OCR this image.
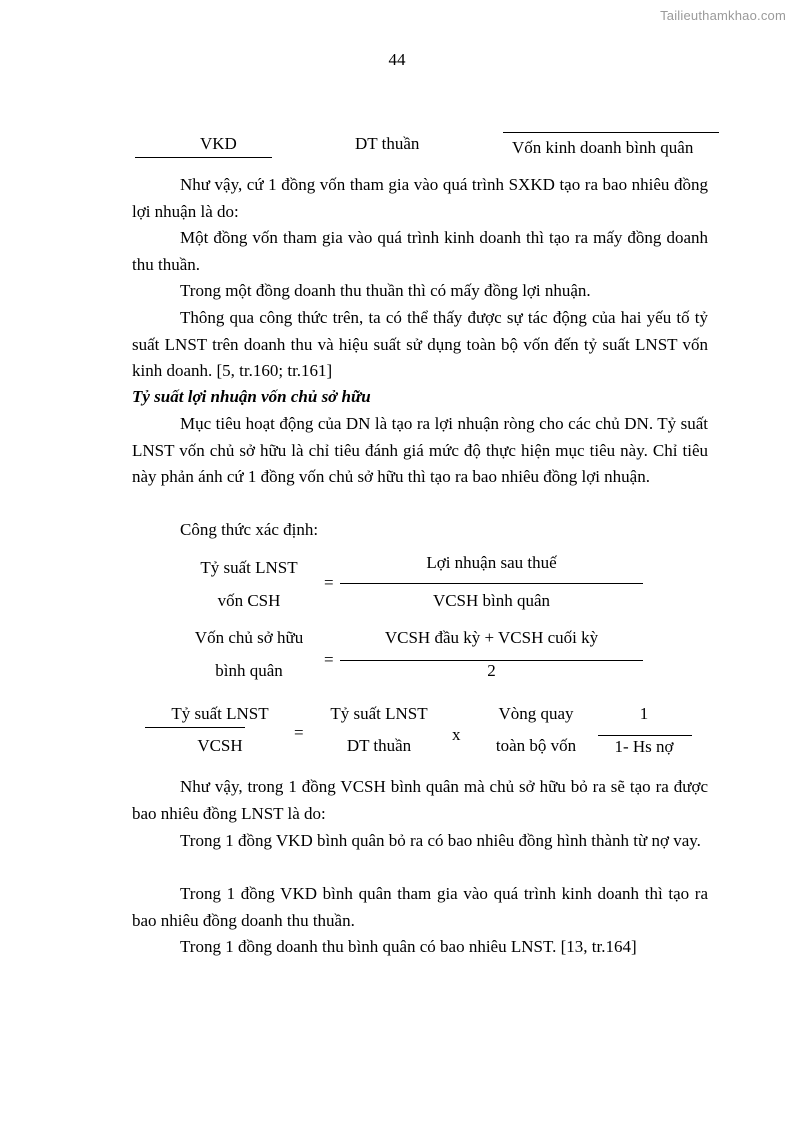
Tailieuthamkhao.com
44
VKD	DT thuần	Vốn kinh doanh bình quân
Như vậy, cứ 1 đồng vốn tham gia vào quá trình SXKD tạo ra bao nhiêu đồng lợi nhuận là do:
Một đồng vốn tham gia vào quá trình kinh doanh thì tạo ra mấy đồng doanh thu thuần.
Trong một đồng doanh thu thuần thì có mấy đồng lợi nhuận.
Thông qua công thức trên, ta có thể thấy được sự tác động của hai yếu tố tỷ suất LNST trên doanh thu và hiệu suất sử dụng toàn bộ vốn đến tỷ suất LNST vốn kinh doanh. [5, tr.160; tr.161]
Tỷ suất lợi nhuận vốn chủ sở hữu
Mục tiêu hoạt động của DN là tạo ra lợi nhuận ròng cho các chủ DN. Tỷ suất LNST vốn chủ sở hữu là chỉ tiêu đánh giá mức độ thực hiện mục tiêu này. Chỉ tiêu này phản ánh cứ 1 đồng vốn chủ sở hữu thì tạo ra bao nhiêu đồng lợi nhuận.
Công thức xác định:
Tỷ suất LNST
vốn CSH
=
Lợi nhuận sau thuế
VCSH bình quân
Vốn chủ sở hữu
bình quân
=
VCSH đầu kỳ + VCSH cuối kỳ
2
Tỷ suất LNST
VCSH
=
Tỷ suất LNST
DT thuần
x
Vòng quay
toàn bộ vốn
1
1- Hs nợ
Như vậy, trong 1 đồng VCSH bình quân mà chủ sở hữu bỏ ra sẽ tạo ra được bao nhiêu đồng LNST là do:
Trong 1 đồng VKD bình quân bỏ ra có bao nhiêu đồng hình thành từ nợ vay.
Trong 1 đồng VKD bình quân tham gia vào quá trình kinh doanh thì tạo ra bao nhiêu đồng doanh thu thuần.
Trong 1 đồng doanh thu bình quân có bao nhiêu LNST. [13, tr.164]
